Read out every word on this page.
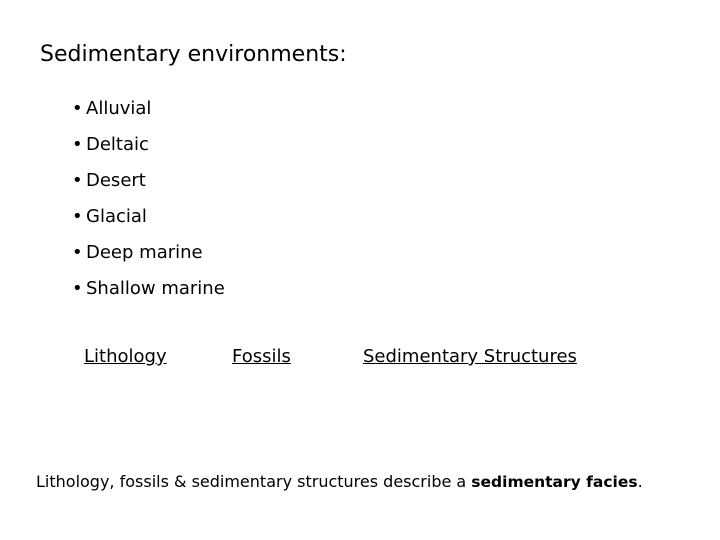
Sedimentary environments:
• Alluvial
• Deltaic
• Desert
• Glacial
• Deep marine
• Shallow marine
Lithology	Fossils	Sedimentary Structures
Lithology, fossils & sedimentary structures describe a sedimentary facies.
